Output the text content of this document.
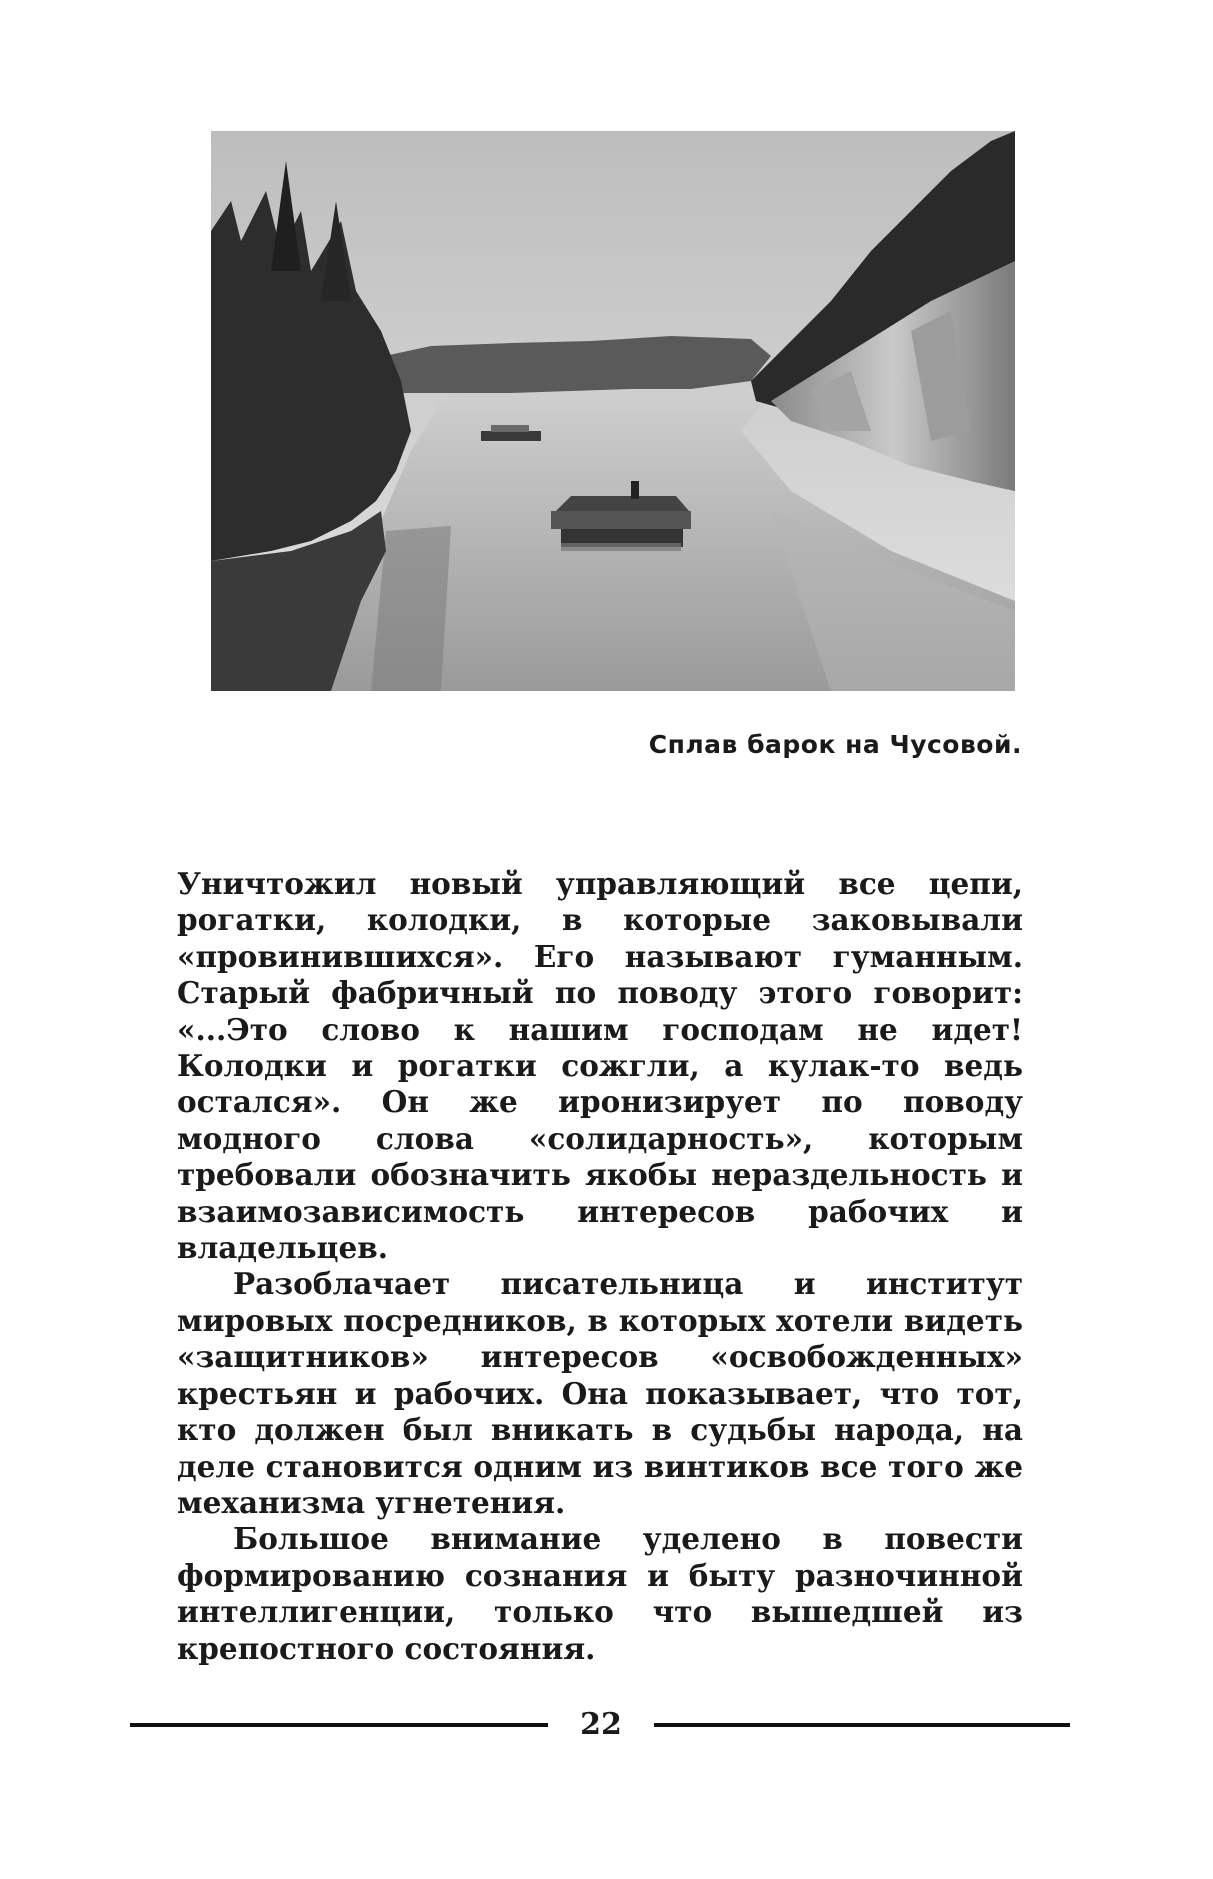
Сплав барок на Чусовой.

Уничтожил новый управляющий все цепи, рогатки, колодки, в которые заковывали «провинившихся». Его называют гуманным. Старый фабричный по поводу этого говорит: «...Это слово к нашим господам не идет! Колодки и рогатки сожгли, а кулак-то ведь остался». Он же иронизирует по поводу модного слова «солидарность», которым требовали обозначить якобы нераздельность и взаимозависимость интересов рабочих и владельцев.

Разоблачает писательница и институт мировых посредников, в которых хотели видеть «защитников» интересов «освобожденных» крестьян и рабочих. Она показывает, что тот, кто должен был вникать в судьбы народа, на деле становится одним из винтиков все того же механизма угнетения.

Большое внимание уделено в повести формированию сознания и быту разночинной интеллигенции, только что вышедшей из крепостного состояния.

22
